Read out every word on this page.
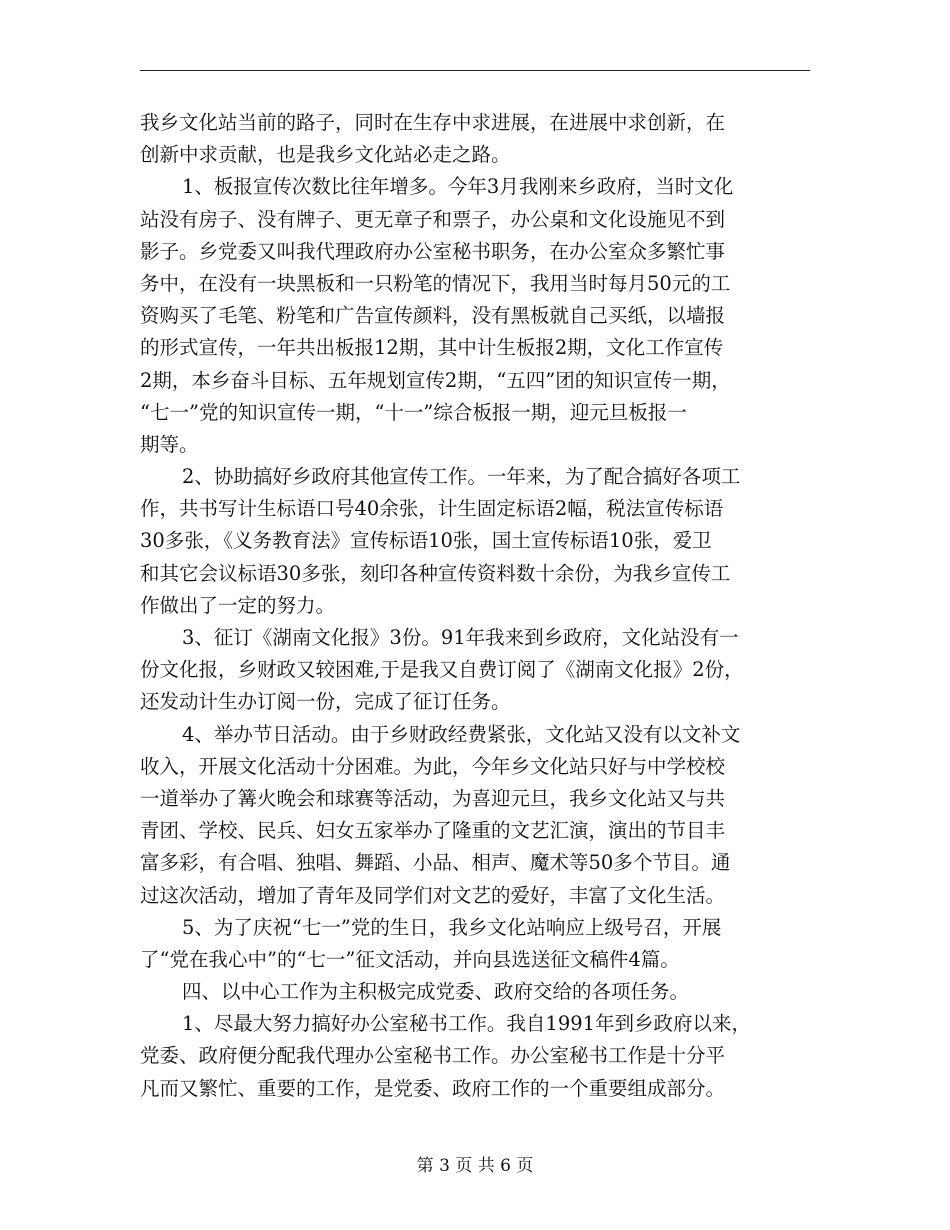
我乡文化站当前的路子，同时在生存中求进展，在进展中求创新，在
创新中求贡献，也是我乡文化站必走之路。
1、板报宣传次数比往年增多。今年3月我刚来乡政府，当时文化
站没有房子、没有牌子、更无章子和票子，办公桌和文化设施见不到
影子。乡党委又叫我代理政府办公室秘书职务，在办公室众多繁忙事
务中，在没有一块黑板和一只粉笔的情况下，我用当时每月50元的工
资购买了毛笔、粉笔和广告宣传颜料，没有黑板就自己买纸，以墙报
的形式宣传，一年共出板报12期，其中计生板报2期，文化工作宣传
2期，本乡奋斗目标、五年规划宣传2期，“五四”团的知识宣传一期，
“七一”党的知识宣传一期，“十一”综合板报一期，迎元旦板报一
期等。
2、协助搞好乡政府其他宣传工作。一年来，为了配合搞好各项工
作，共书写计生标语口号40余张，计生固定标语2幅，税法宣传标语
30多张，《义务教育法》宣传标语10张，国土宣传标语10张，爱卫
和其它会议标语30多张，刻印各种宣传资料数十余份，为我乡宣传工
作做出了一定的努力。
3、征订《湖南文化报》3份。91年我来到乡政府，文化站没有一
份文化报，乡财政又较困难,于是我又自费订阅了《湖南文化报》2份，
还发动计生办订阅一份，完成了征订任务。
4、举办节日活动。由于乡财政经费紧张，文化站又没有以文补文
收入，开展文化活动十分困难。为此，今年乡文化站只好与中学校校
一道举办了篝火晚会和球赛等活动，为喜迎元旦，我乡文化站又与共
青团、学校、民兵、妇女五家举办了隆重的文艺汇演，演出的节目丰
富多彩，有合唱、独唱、舞蹈、小品、相声、魔术等50多个节目。通
过这次活动，增加了青年及同学们对文艺的爱好，丰富了文化生活。
5、为了庆祝“七一”党的生日，我乡文化站响应上级号召，开展
了“党在我心中”的“七一”征文活动，并向县选送征文稿件4篇。
四、以中心工作为主积极完成党委、政府交给的各项任务。
1、尽最大努力搞好办公室秘书工作。我自1991年到乡政府以来，
党委、政府便分配我代理办公室秘书工作。办公室秘书工作是十分平
凡而又繁忙、重要的工作，是党委、政府工作的一个重要组成部分。
第 3 页 共 6 页
